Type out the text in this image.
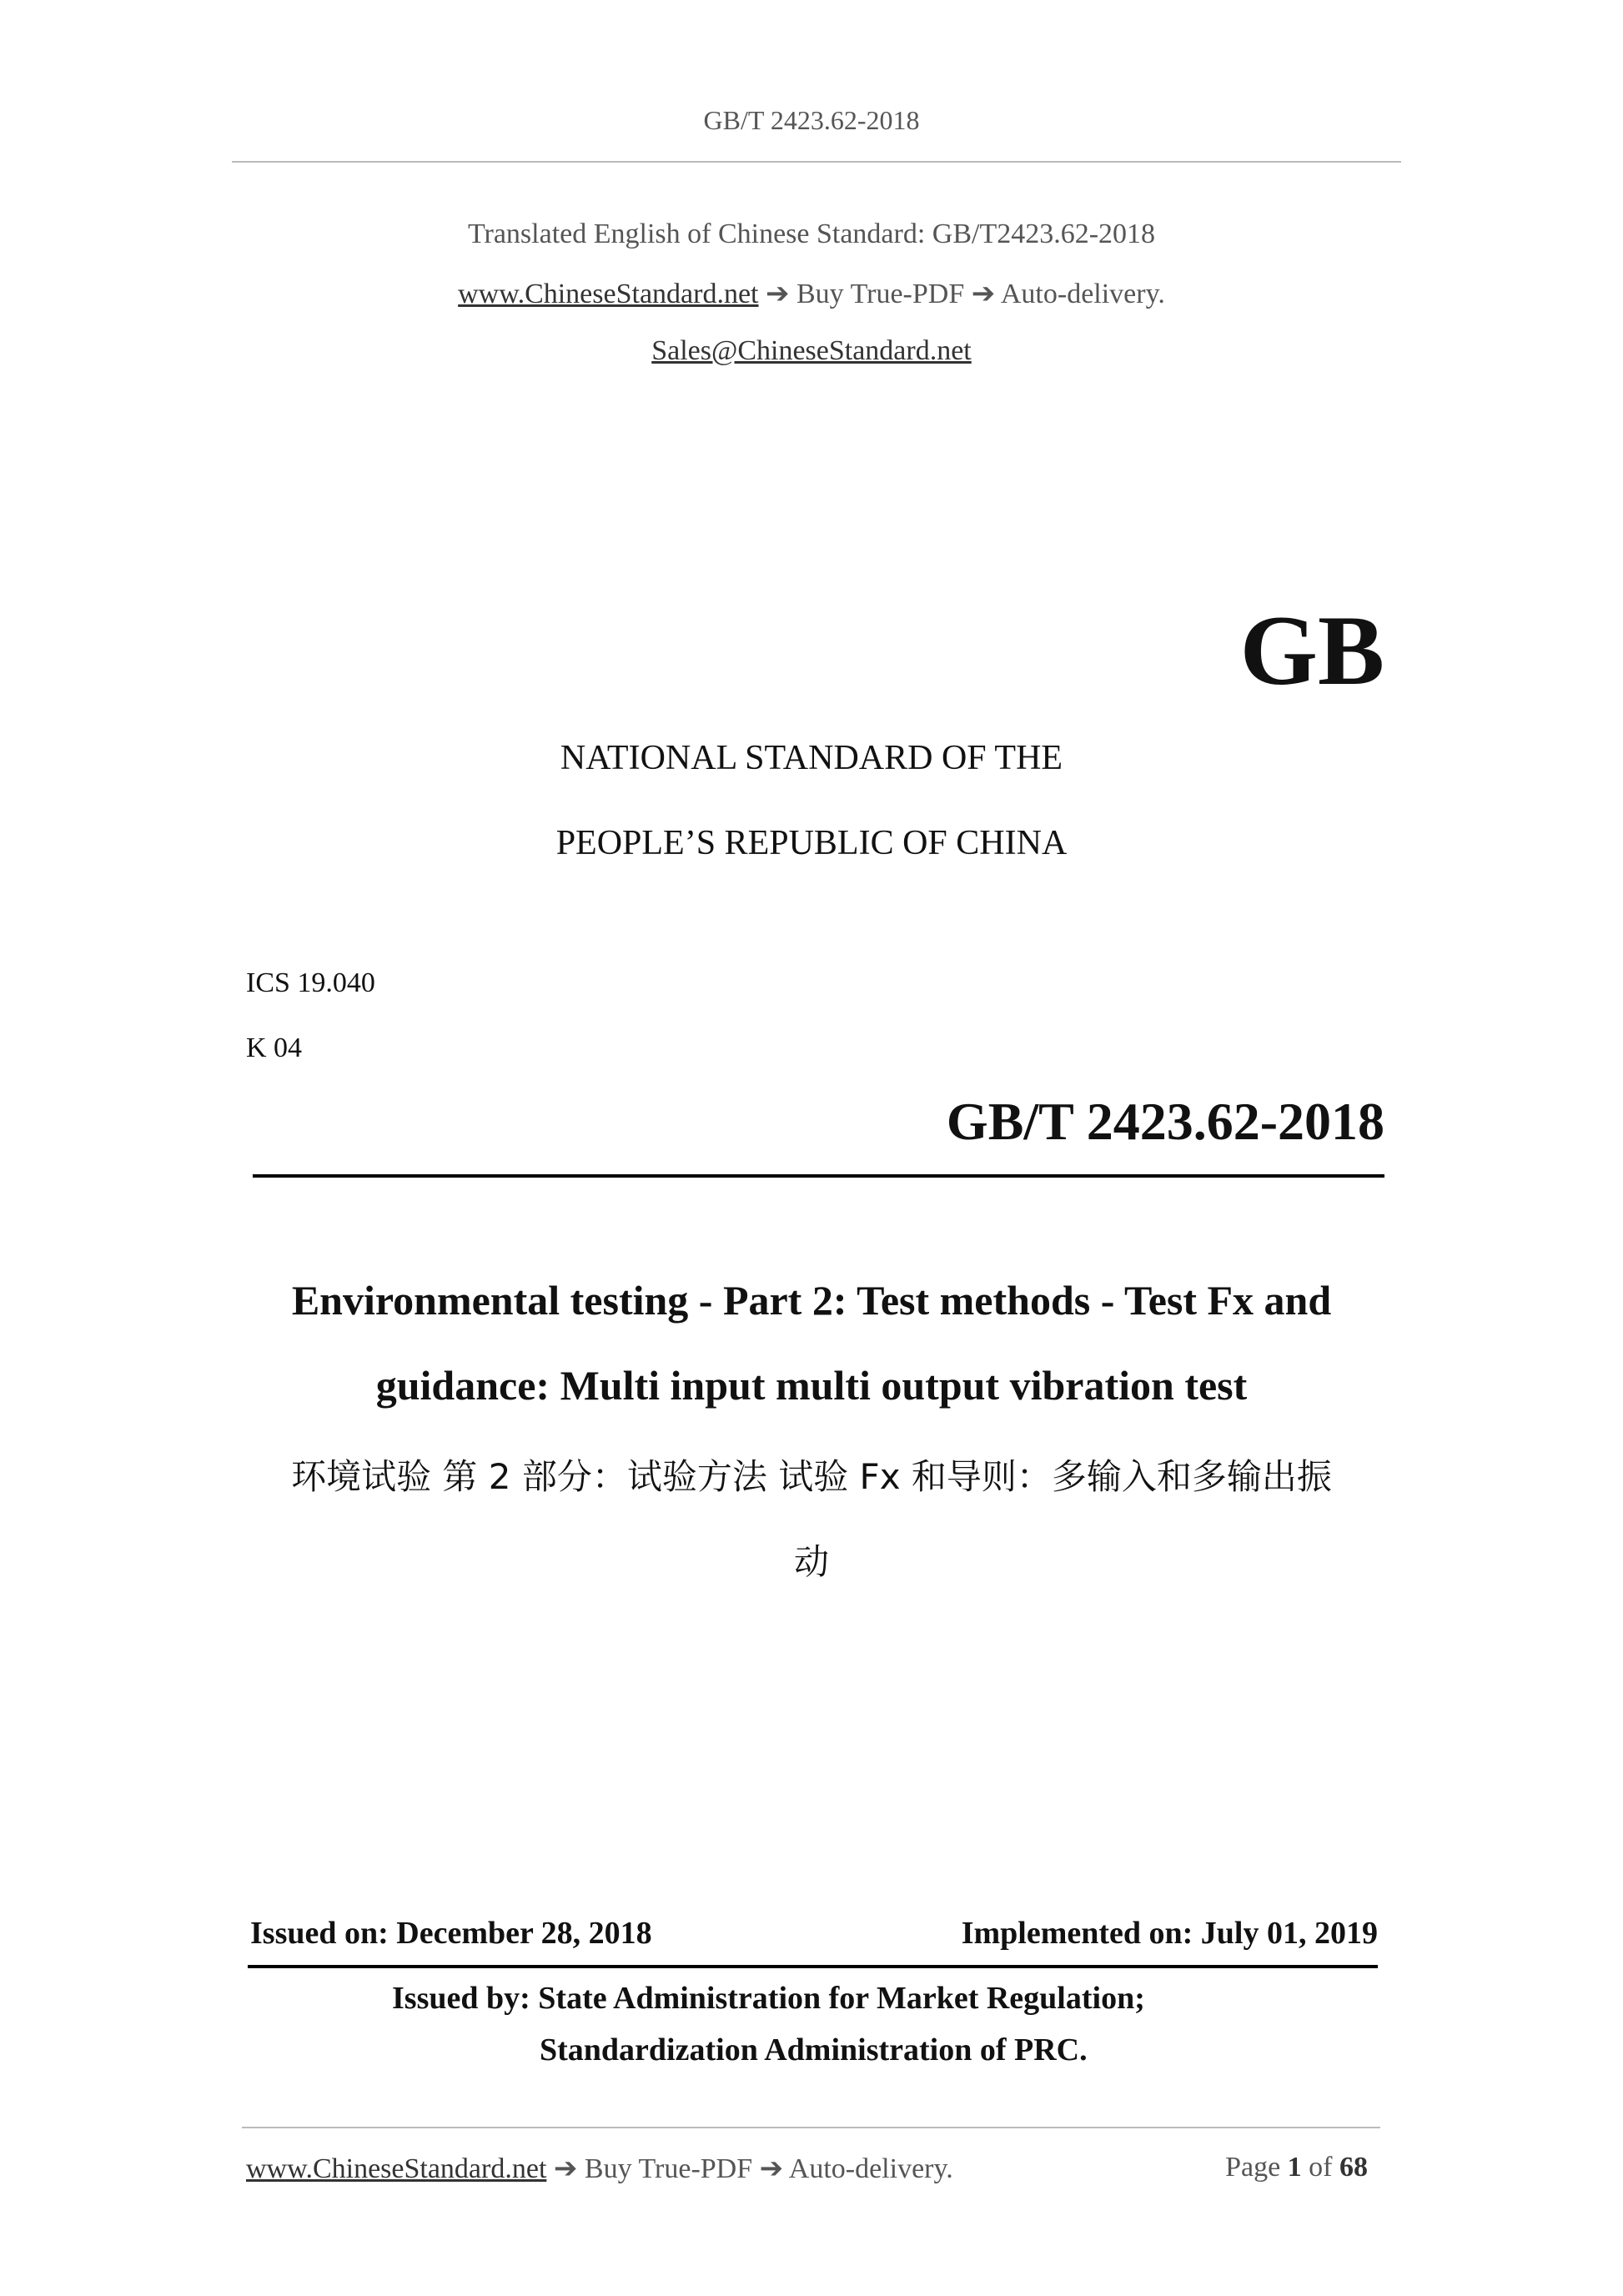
GB/T 2423.62-2018
Translated English of Chinese Standard: GB/T2423.62-2018
www.ChineseStandard.net ➔ Buy True-PDF ➔ Auto-delivery.
Sales@ChineseStandard.net
GB
NATIONAL STANDARD OF THE
PEOPLE’S REPUBLIC OF CHINA
ICS 19.040
K 04
GB/T 2423.62-2018
Environmental testing - Part 2: Test methods - Test Fx and
guidance: Multi input multi output vibration test
环境试验 第 2 部分：试验方法 试验 Fx 和导则：多输入和多输出振
动
Issued on: December 28, 2018	Implemented on: July 01, 2019
Issued by: State Administration for Market Regulation;
Standardization Administration of PRC.
www.ChineseStandard.net ➔ Buy True-PDF ➔ Auto-delivery.	Page 1 of 68
